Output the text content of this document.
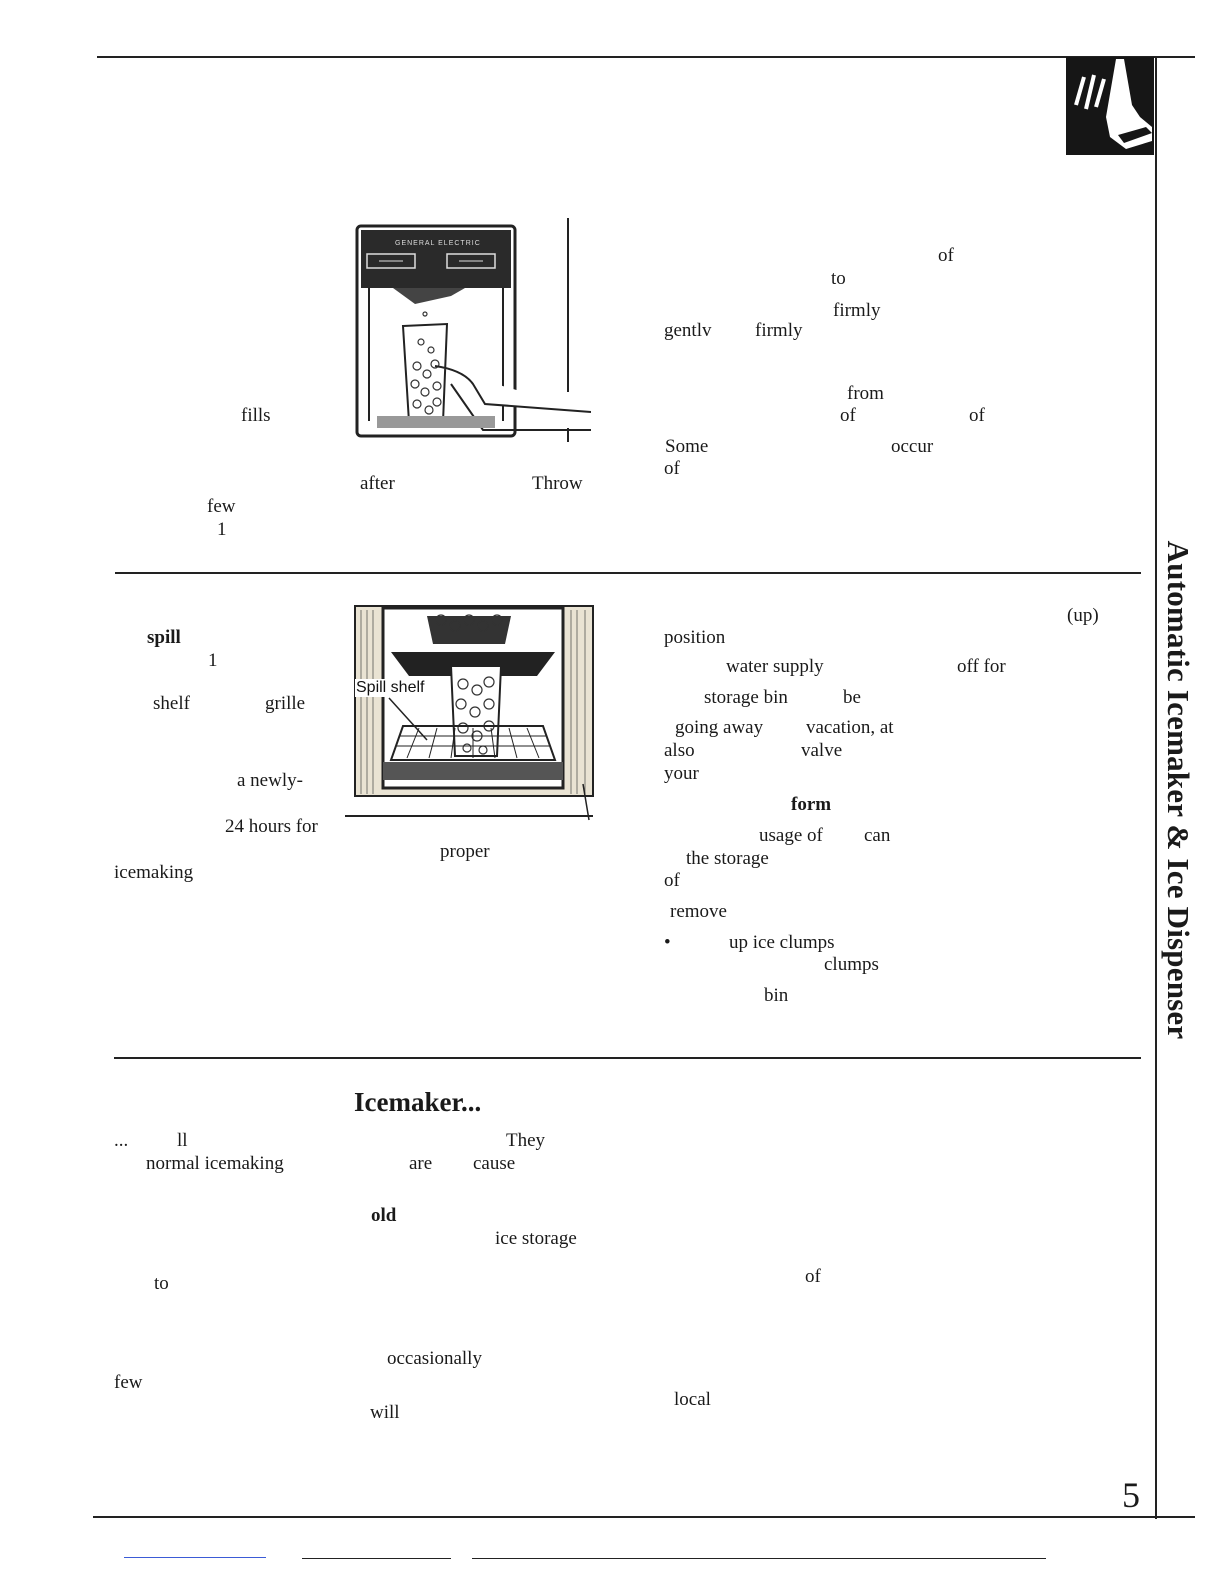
Automatic Icemaker & Ice Dispenser
5
GENERAL ELECTRIC
Spill shelf
Icemaker...
fills
after	Throw
few
1
of
to
firmly
gentlv firmly
from
of	of
Some	occur
of
spill
1
shelf	grille
a newly-
24 hours for
proper
icemaking
(up)
position
water supply	off for
storage bin	be
going away vacation, at
also	valve
your
form
usage of can
the storage
of
remove
•	up ice clumps
clumps
bin
...	ll	They
normal icemaking	are cause
old
ice storage
to	of
occasionally
few
will
local
